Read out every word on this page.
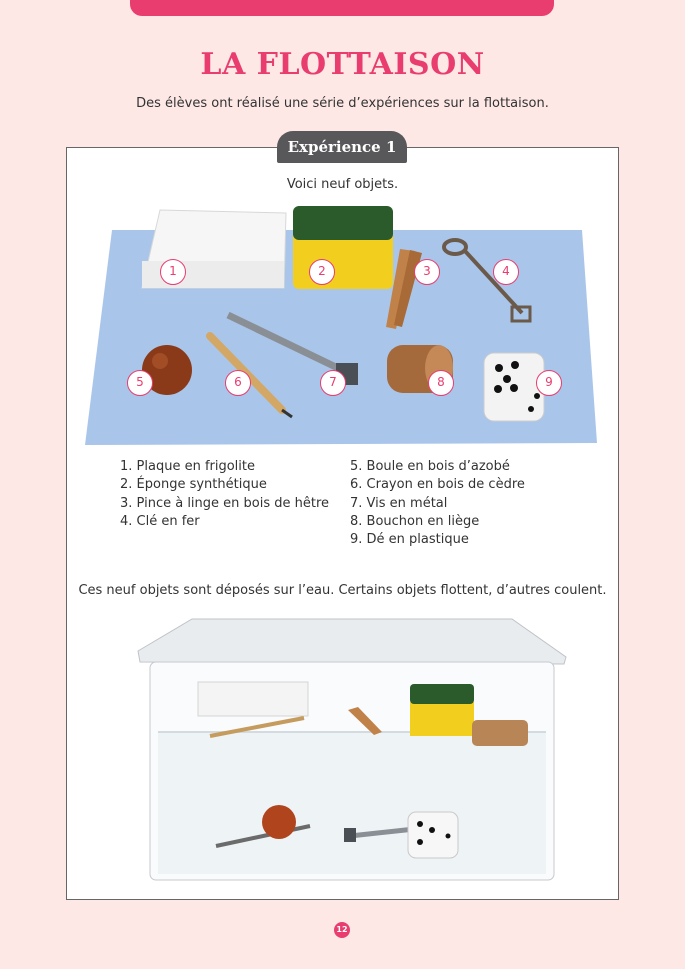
LA FLOTTAISON

Des élèves ont réalisé une série d’expériences sur la flottaison.

Expérience 1

Voici neuf objets.

1	2	3	4
5	6	7	8	9
1. Plaque en frigolite
2. Éponge synthétique
3. Pince à linge en bois de hêtre
4. Clé en fer
5. Boule en bois d’azobé
6. Crayon en bois de cèdre
7. Vis en métal
8. Bouchon en liège
9. Dé en plastique

Ces neuf objets sont déposés sur l’eau. Certains objets flottent, d’autres coulent.

12
